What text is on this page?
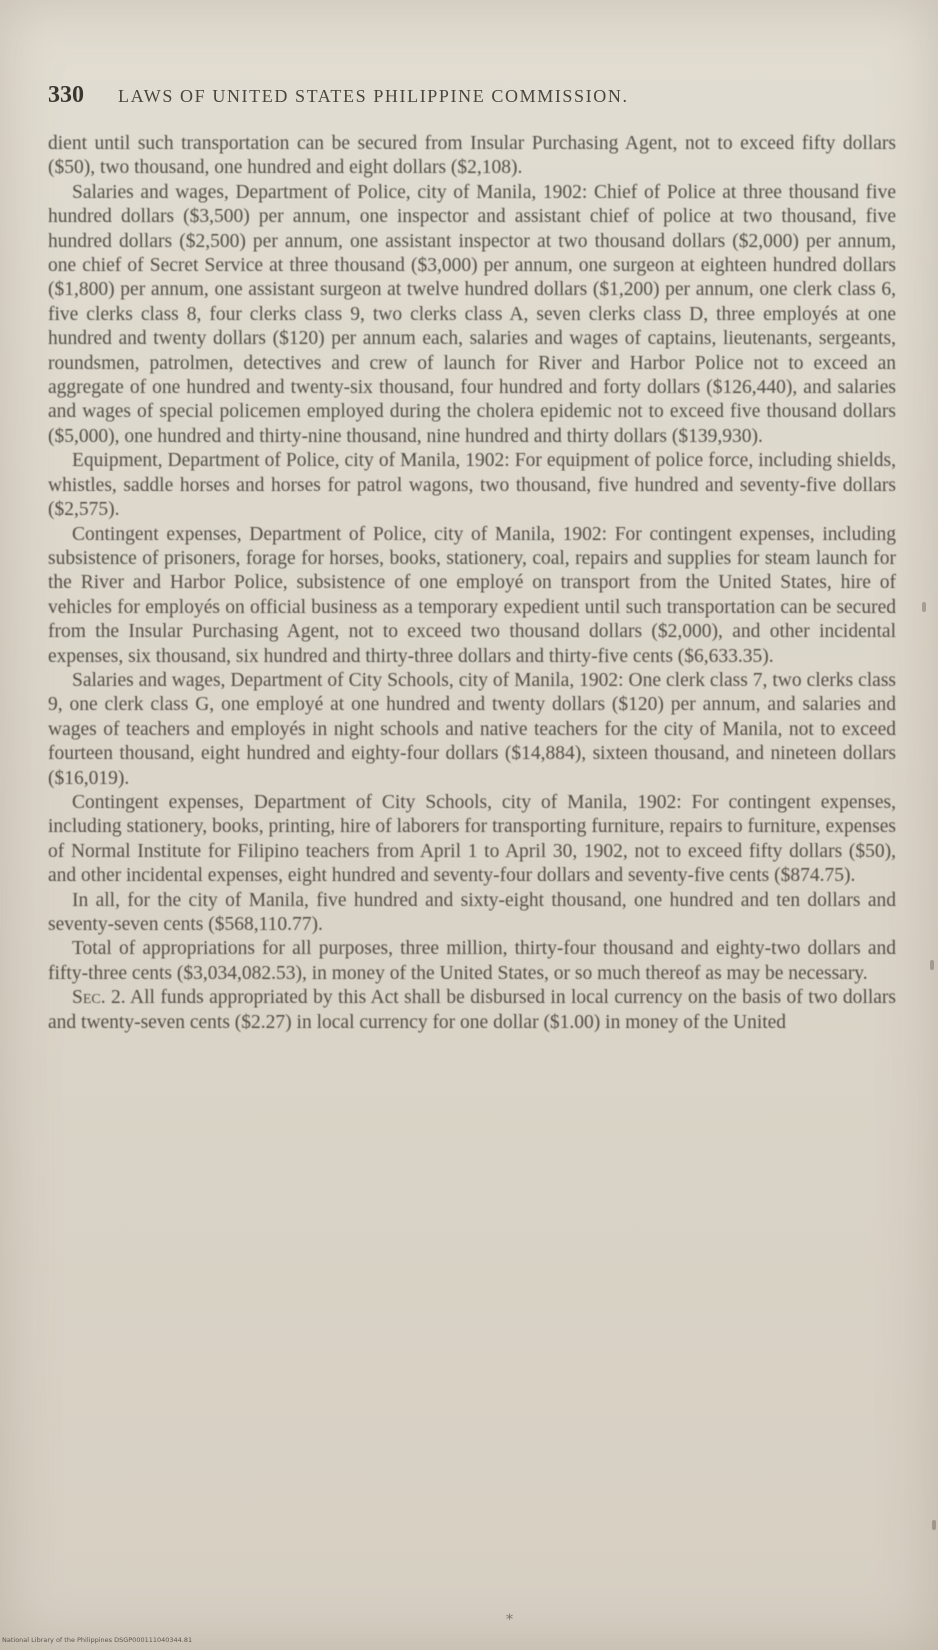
330 LAWS OF UNITED STATES PHILIPPINE COMMISSION.

dient until such transportation can be secured from Insular Purchasing Agent, not to exceed fifty dollars ($50), two thousand, one hundred and eight dollars ($2,108).

Salaries and wages, Department of Police, city of Manila, 1902: Chief of Police at three thousand five hundred dollars ($3,500) per annum, one inspector and assistant chief of police at two thousand, five hundred dollars ($2,500) per annum, one assistant inspector at two thousand dollars ($2,000) per annum, one chief of Secret Service at three thousand ($3,000) per annum, one surgeon at eighteen hundred dollars ($1,800) per annum, one assistant surgeon at twelve hundred dollars ($1,200) per annum, one clerk class 6, five clerks class 8, four clerks class 9, two clerks class A, seven clerks class D, three employés at one hundred and twenty dollars ($120) per annum each, salaries and wages of captains, lieutenants, sergeants, roundsmen, patrolmen, detectives and crew of launch for River and Harbor Police not to exceed an aggregate of one hundred and twenty-six thousand, four hundred and forty dollars ($126,440), and salaries and wages of special policemen employed during the cholera epidemic not to exceed five thousand dollars ($5,000), one hundred and thirty-nine thousand, nine hundred and thirty dollars ($139,930).

Equipment, Department of Police, city of Manila, 1902: For equipment of police force, including shields, whistles, saddle horses and horses for patrol wagons, two thousand, five hundred and seventy-five dollars ($2,575).

Contingent expenses, Department of Police, city of Manila, 1902: For contingent expenses, including subsistence of prisoners, forage for horses, books, stationery, coal, repairs and supplies for steam launch for the River and Harbor Police, subsistence of one employé on transport from the United States, hire of vehicles for employés on official business as a temporary expedient until such transportation can be secured from the Insular Purchasing Agent, not to exceed two thousand dollars ($2,000), and other incidental expenses, six thousand, six hundred and thirty-three dollars and thirty-five cents ($6,633.35).

Salaries and wages, Department of City Schools, city of Manila, 1902: One clerk class 7, two clerks class 9, one clerk class G, one employé at one hundred and twenty dollars ($120) per annum, and salaries and wages of teachers and employés in night schools and native teachers for the city of Manila, not to exceed fourteen thousand, eight hundred and eighty-four dollars ($14,884), sixteen thousand, and nineteen dollars ($16,019).

Contingent expenses, Department of City Schools, city of Manila, 1902: For contingent expenses, including stationery, books, printing, hire of laborers for transporting furniture, repairs to furniture, expenses of Normal Institute for Filipino teachers from April 1 to April 30, 1902, not to exceed fifty dollars ($50), and other incidental expenses, eight hundred and seventy-four dollars and seventy-five cents ($874.75).

In all, for the city of Manila, five hundred and sixty-eight thousand, one hundred and ten dollars and seventy-seven cents ($568,110.77).

Total of appropriations for all purposes, three million, thirty-four thousand and eighty-two dollars and fifty-three cents ($3,034,082.53), in money of the United States, or so much thereof as may be necessary.

Sec. 2. All funds appropriated by this Act shall be disbursed in local currency on the basis of two dollars and twenty-seven cents ($2.27) in local currency for one dollar ($1.00) in money of the United

*
National Library of the Philippines DSGP000111040344.81
